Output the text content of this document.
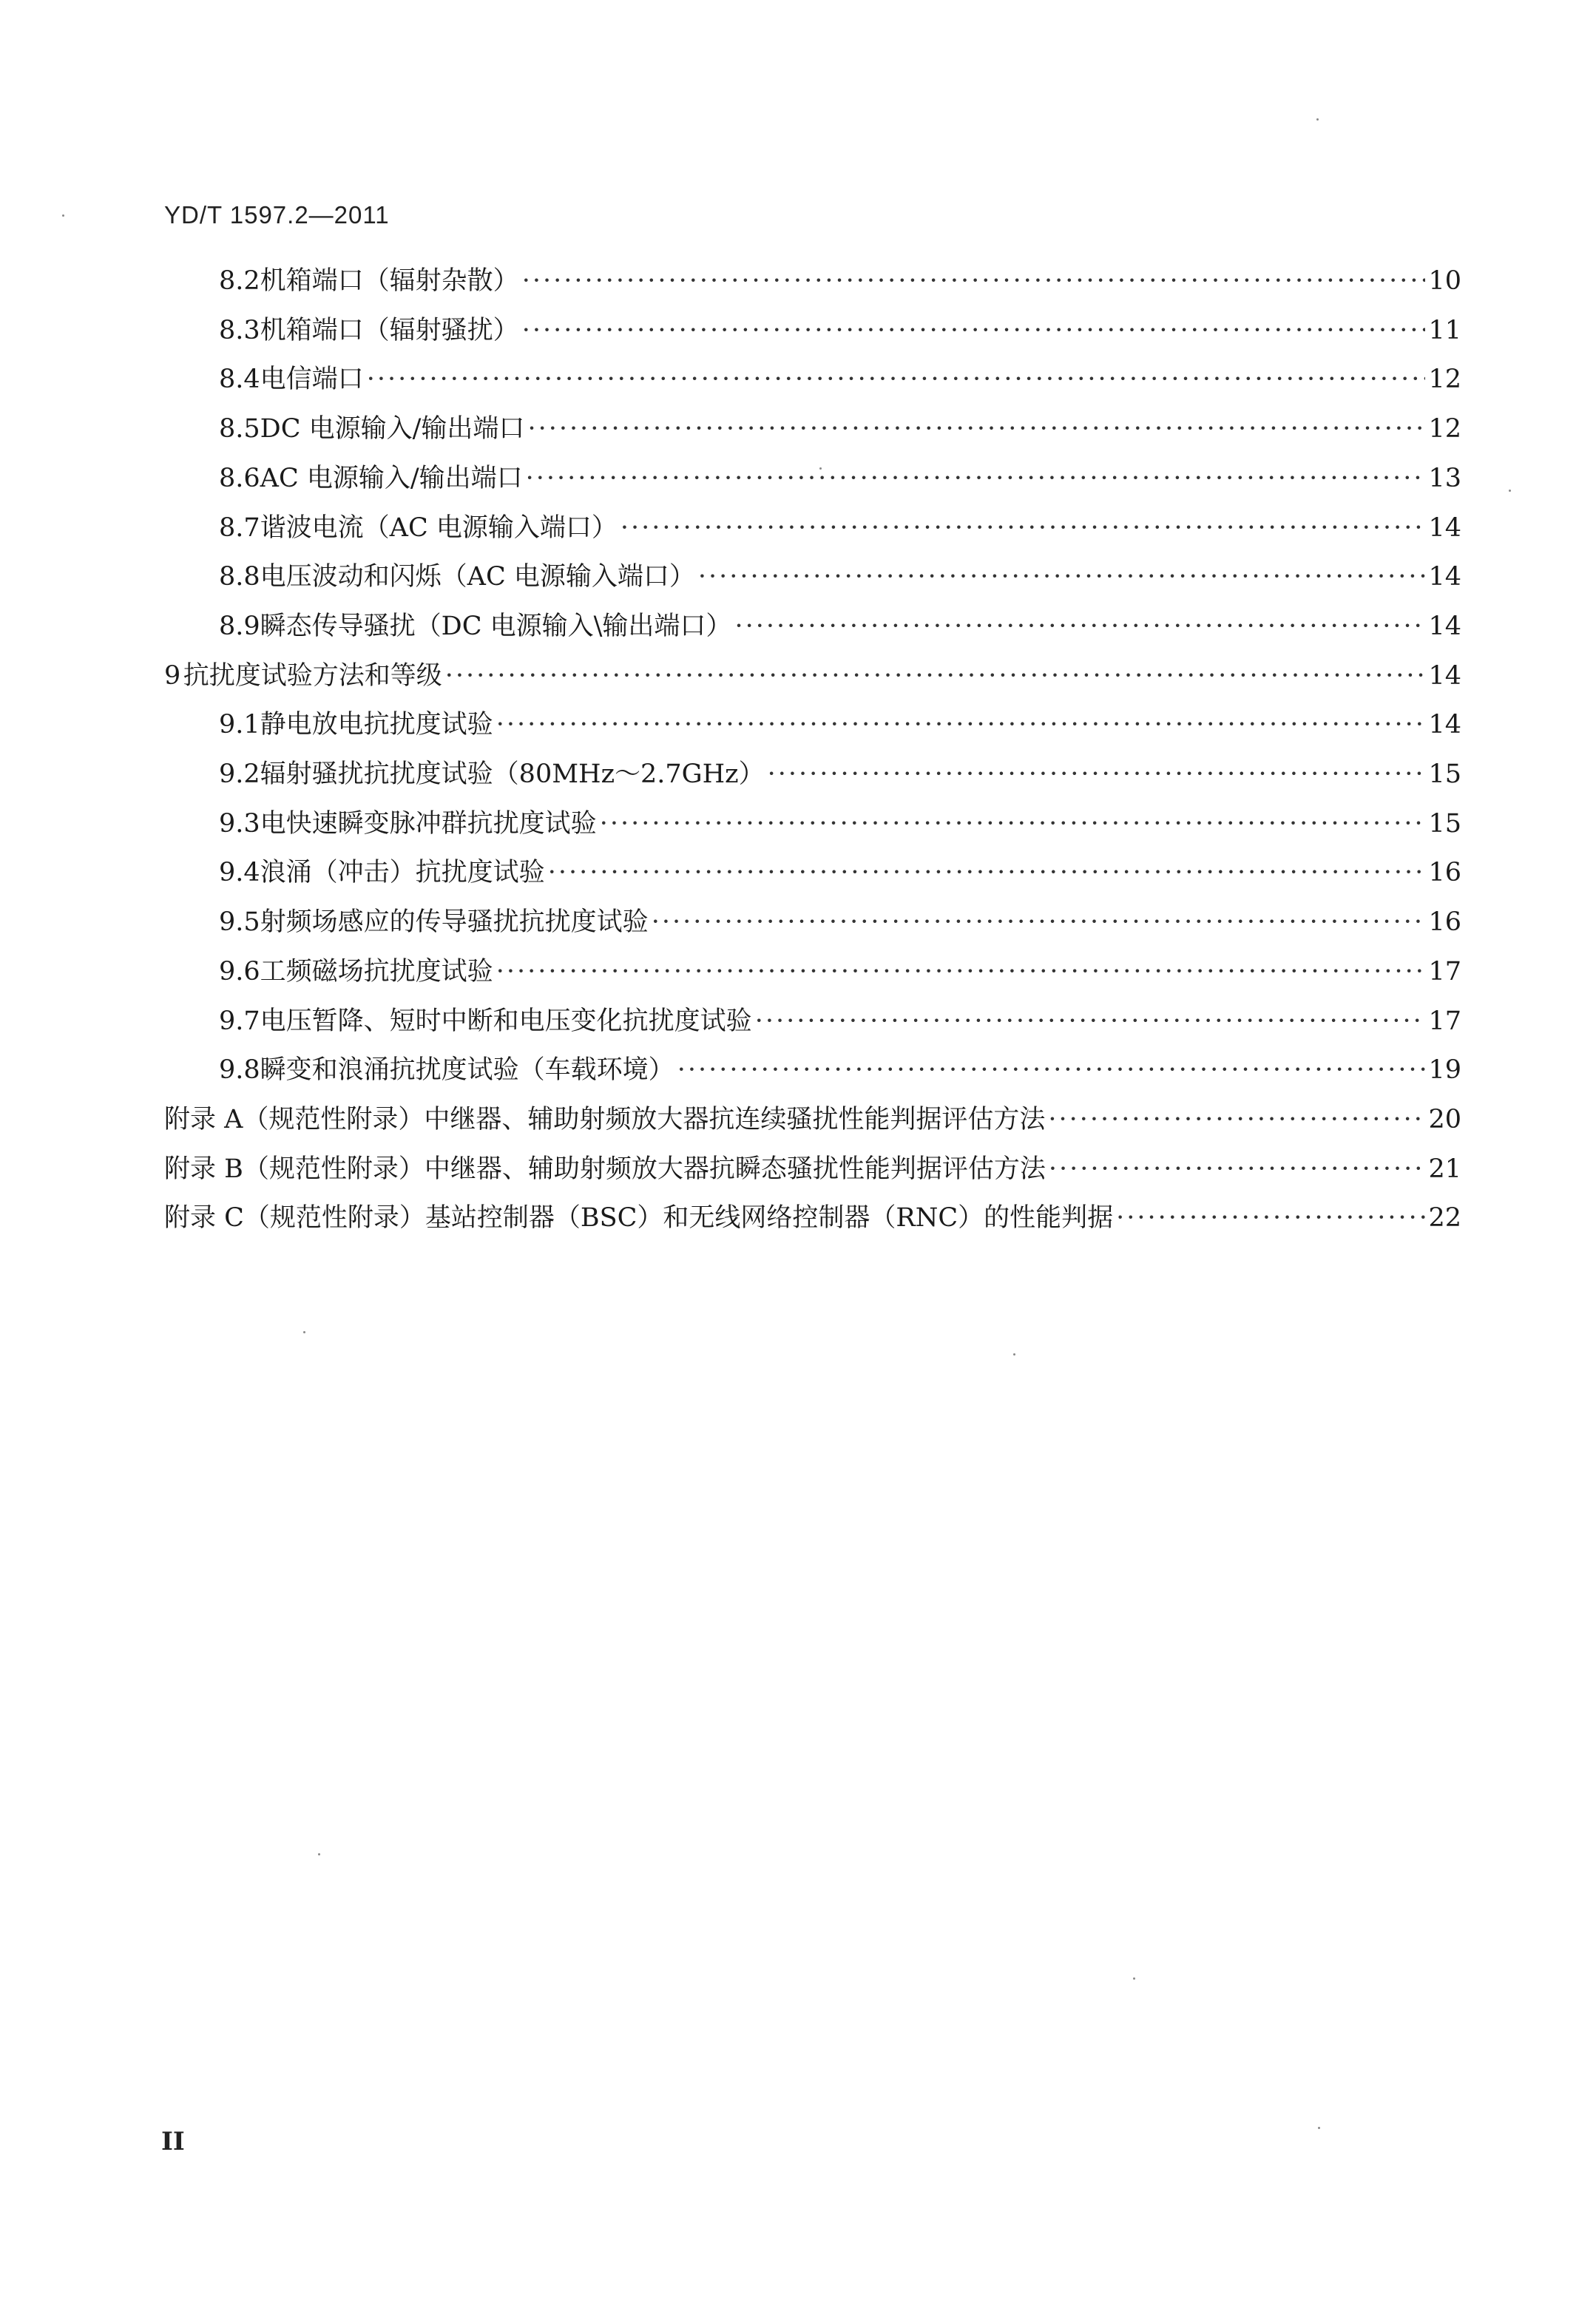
YD/T 1597.2—2011
8.2 机箱端口（辐射杂散） ·····	10
8.3 机箱端口（辐射骚扰） ·····	11
8.4 电信端口 ·····	12
8.5 DC 电源输入/输出端口 ·····	12
8.6 AC 电源输入/输出端口 ·····	13
8.7 谐波电流（AC 电源输入端口） ·····	14
8.8 电压波动和闪烁（AC 电源输入端口） ·····	14
8.9 瞬态传导骚扰（DC 电源输入\输出端口） ·····	14
9 抗扰度试验方法和等级 ·····	14
9.1 静电放电抗扰度试验 ·····	14
9.2 辐射骚扰抗扰度试验（80MHz～2.7GHz） ·····	15
9.3 电快速瞬变脉冲群抗扰度试验 ·····	15
9.4 浪涌（冲击）抗扰度试验 ·····	16
9.5 射频场感应的传导骚扰抗扰度试验 ·····	16
9.6 工频磁场抗扰度试验 ·····	17
9.7 电压暂降、短时中断和电压变化抗扰度试验 ·····	17
9.8 瞬变和浪涌抗扰度试验（车载环境） ·····	19
附录 A（规范性附录）中继器、辅助射频放大器抗连续骚扰性能判据评估方法 ·····	20
附录 B（规范性附录）中继器、辅助射频放大器抗瞬态骚扰性能判据评估方法 ·····	21
附录 C（规范性附录）基站控制器（BSC）和无线网络控制器（RNC）的性能判据 ·····	22
II
